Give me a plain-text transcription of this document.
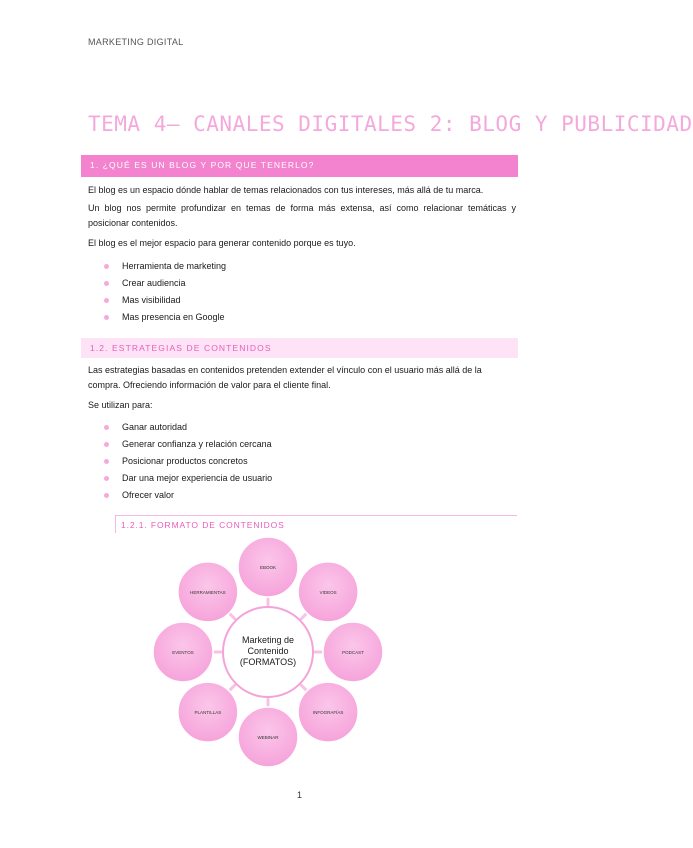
MARKETING DIGITAL
TEMA 4– CANALES DIGITALES 2: BLOG Y PUBLICIDAD
1. ¿QUÉ ES UN BLOG Y POR QUE TENERLO?
El blog es un espacio dónde hablar de temas relacionados con tus intereses, más allá de tu marca.
Un blog nos permite profundizar en temas de forma más extensa, así como relacionar temáticas y posicionar contenidos.
El blog es el mejor espacio para generar contenido porque es tuyo.
Herramienta de marketing
Crear audiencia
Mas visibilidad
Mas presencia en Google
1.2. ESTRATEGIAS DE CONTENIDOS
Las estrategias basadas en contenidos pretenden extender el vínculo con el usuario más allá de la compra. Ofreciendo información de valor para el cliente final.
Se utilizan para:
Ganar autoridad
Generar confianza y relación cercana
Posicionar productos concretos
Dar una mejor experiencia de usuario
Ofrecer valor
1.2.1. FORMATO DE CONTENIDOS
EBOOK
VIDEOS
PODCAST
INFOGRAFÍAS
WEBINAR
PLANTILLAS
EVENTOS
HERRAMIENTAS
Marketing de
Contenido
(FORMATOS)
1
